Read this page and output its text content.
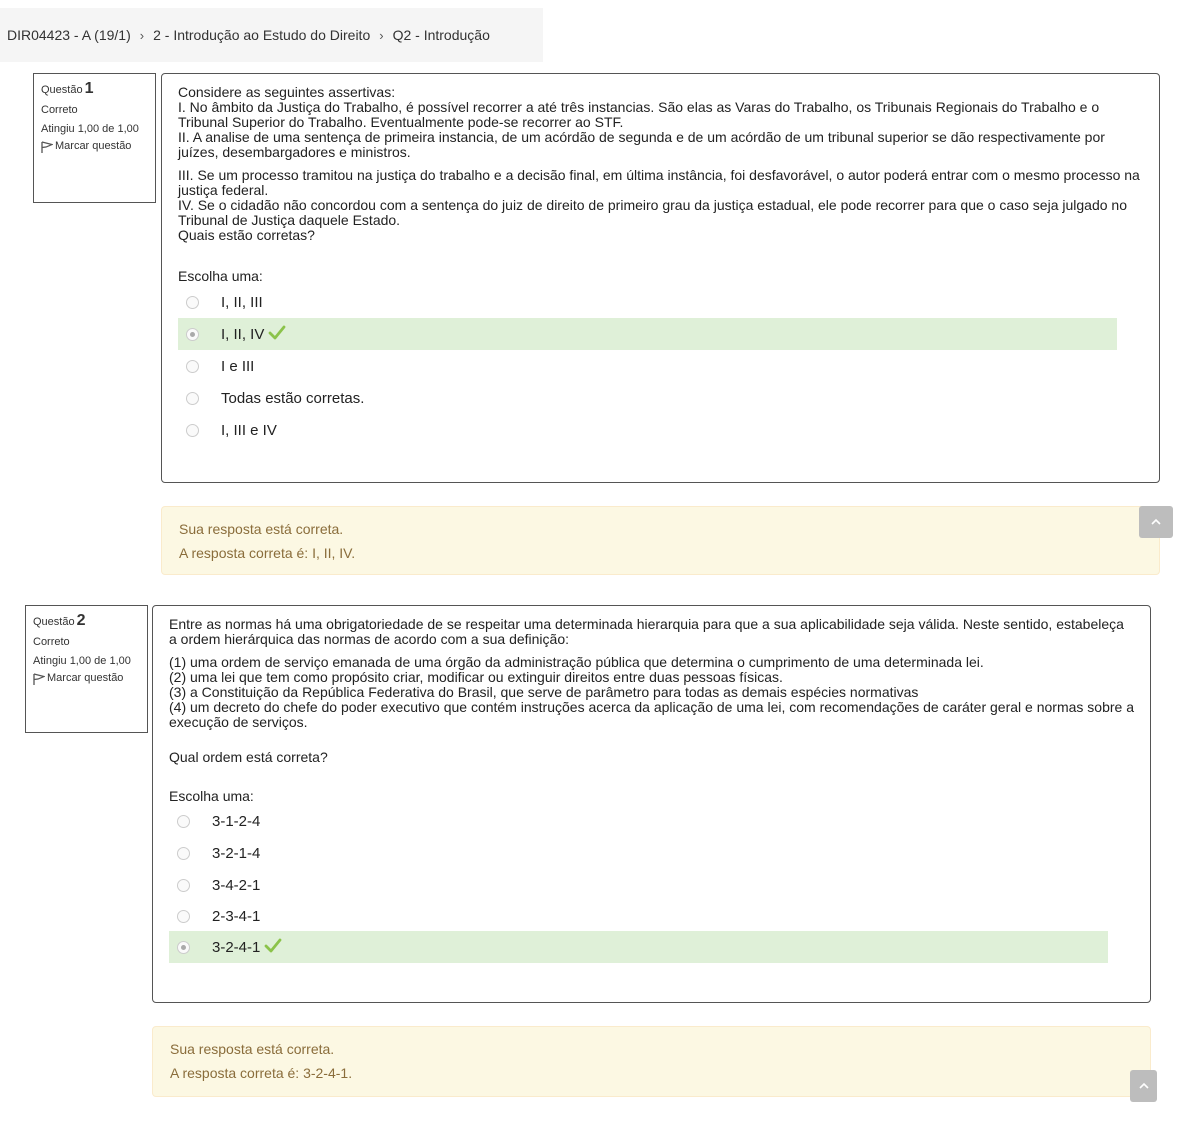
DIR04423 - A (19/1) › 2 - Introdução ao Estudo do Direito › Q2 - Introdução
Questão 1
Correto
Atingiu 1,00 de 1,00
Marcar questão

Considere as seguintes assertivas:

I. No âmbito da Justiça do Trabalho, é possível recorrer a até três instancias. São elas as Varas do Trabalho, os Tribunais Regionais do Trabalho e o Tribunal Superior do Trabalho. Eventualmente pode-se recorrer ao STF.

II. A analise de uma sentença de primeira instancia, de um acórdão de segunda e de um acórdão de um tribunal superior se dão respectivamente por juízes, desembargadores e ministros.

III. Se um processo tramitou na justiça do trabalho e a decisão final, em última instância, foi desfavorável, o autor poderá entrar com o mesmo processo na justiça federal.

IV. Se o cidadão não concordou com a sentença do juiz de direito de primeiro grau da justiça estadual, ele pode recorrer para que o caso seja julgado no Tribunal de Justiça daquele Estado.

Quais estão corretas?

Escolha uma:
I, II, III
I, II, IV
I e III
Todas estão corretas.
I, III e IV
Sua resposta está correta.
A resposta correta é: I, II, IV.
Questão 2
Correto
Atingiu 1,00 de 1,00
Marcar questão

Entre as normas há uma obrigatoriedade de se respeitar uma determinada hierarquia para que a sua aplicabilidade seja válida. Neste sentido, estabeleça a ordem hierárquica das normas de acordo com a sua definição:

(1) uma ordem de serviço emanada de uma órgão da administração pública que determina o cumprimento de uma determinada lei.

(2) uma lei que tem como propósito criar, modificar ou extinguir direitos entre duas pessoas físicas.

(3) a Constituição da República Federativa do Brasil, que serve de parâmetro para todas as demais espécies normativas

(4) um decreto do chefe do poder executivo que contém instruções acerca da aplicação de uma lei, com recomendações de caráter geral e normas sobre a execução de serviços.

Qual ordem está correta?

Escolha uma:
3-1-2-4
3-2-1-4
3-4-2-1
2-3-4-1
3-2-4-1
Sua resposta está correta.
A resposta correta é: 3-2-4-1.
